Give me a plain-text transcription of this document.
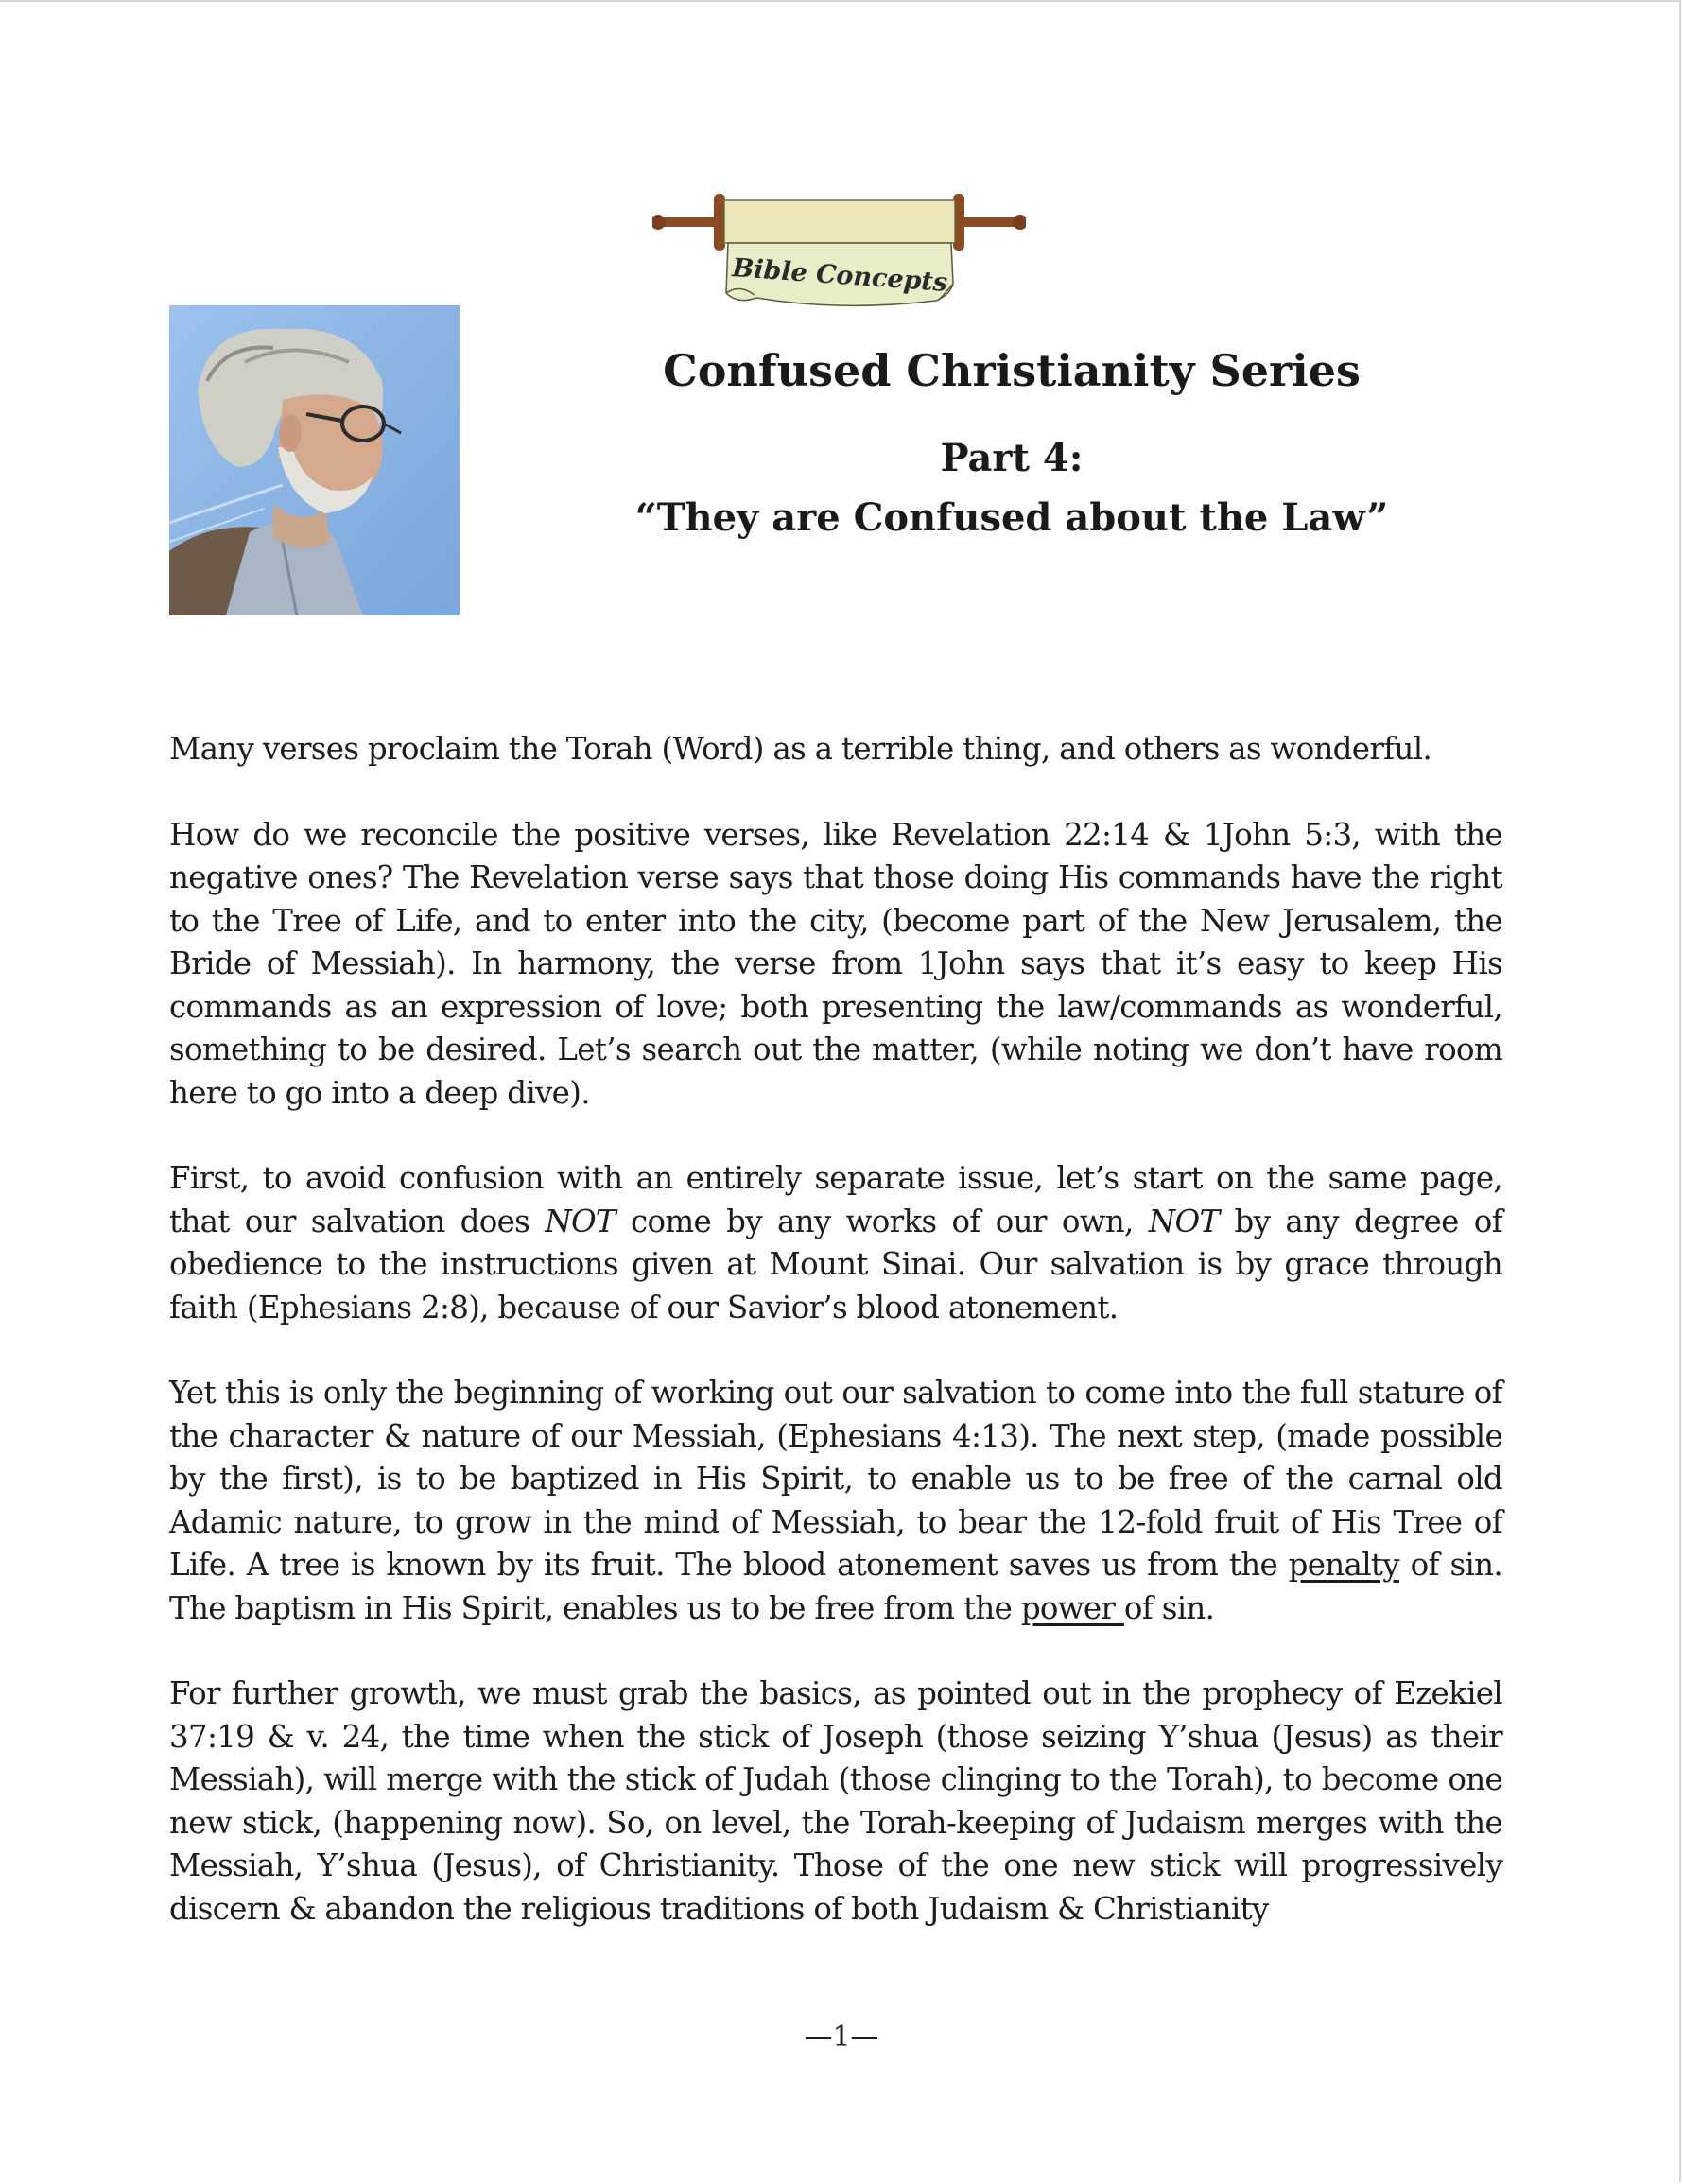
Bible Concepts
Confused Christianity Series
Part 4:
“They are Confused about the Law”

Many verses proclaim the Torah (Word) as a terrible thing, and others as wonderful.

How do we reconcile the positive verses, like Revelation 22:14 & 1John 5:3, with the negative ones? The Revelation verse says that those doing His commands have the right to the Tree of Life, and to enter into the city, (become part of the New Jerusalem, the Bride of Messiah). In harmony, the verse from 1John says that it’s easy to keep His commands as an expression of love; both presenting the law/commands as wonderful, something to be desired. Let’s search out the matter, (while noting we don’t have room here to go into a deep dive).

First, to avoid confusion with an entirely separate issue, let’s start on the same page, that our salvation does NOT come by any works of our own, NOT by any degree of obedience to the instructions given at Mount Sinai. Our salvation is by grace through faith (Ephesians 2:8), because of our Savior’s blood atonement.

Yet this is only the beginning of working out our salvation to come into the full stature of the character & nature of our Messiah, (Ephesians 4:13). The next step, (made possible by the first), is to be baptized in His Spirit, to enable us to be free of the carnal old Adamic nature, to grow in the mind of Messiah, to bear the 12-fold fruit of His Tree of Life. A tree is known by its fruit. The blood atonement saves us from the penalty of sin. The baptism in His Spirit, enables us to be free from the power of sin.

For further growth, we must grab the basics, as pointed out in the prophecy of Ezekiel 37:19 & v. 24, the time when the stick of Joseph (those seizing Y’shua (Jesus) as their Messiah), will merge with the stick of Judah (those clinging to the Torah), to become one new stick, (happening now). So, on level, the Torah-keeping of Judaism merges with the Messiah, Y’shua (Jesus), of Christianity. Those of the one new stick will progressively discern & abandon the religious traditions of both Judaism & Christianity

—1—
